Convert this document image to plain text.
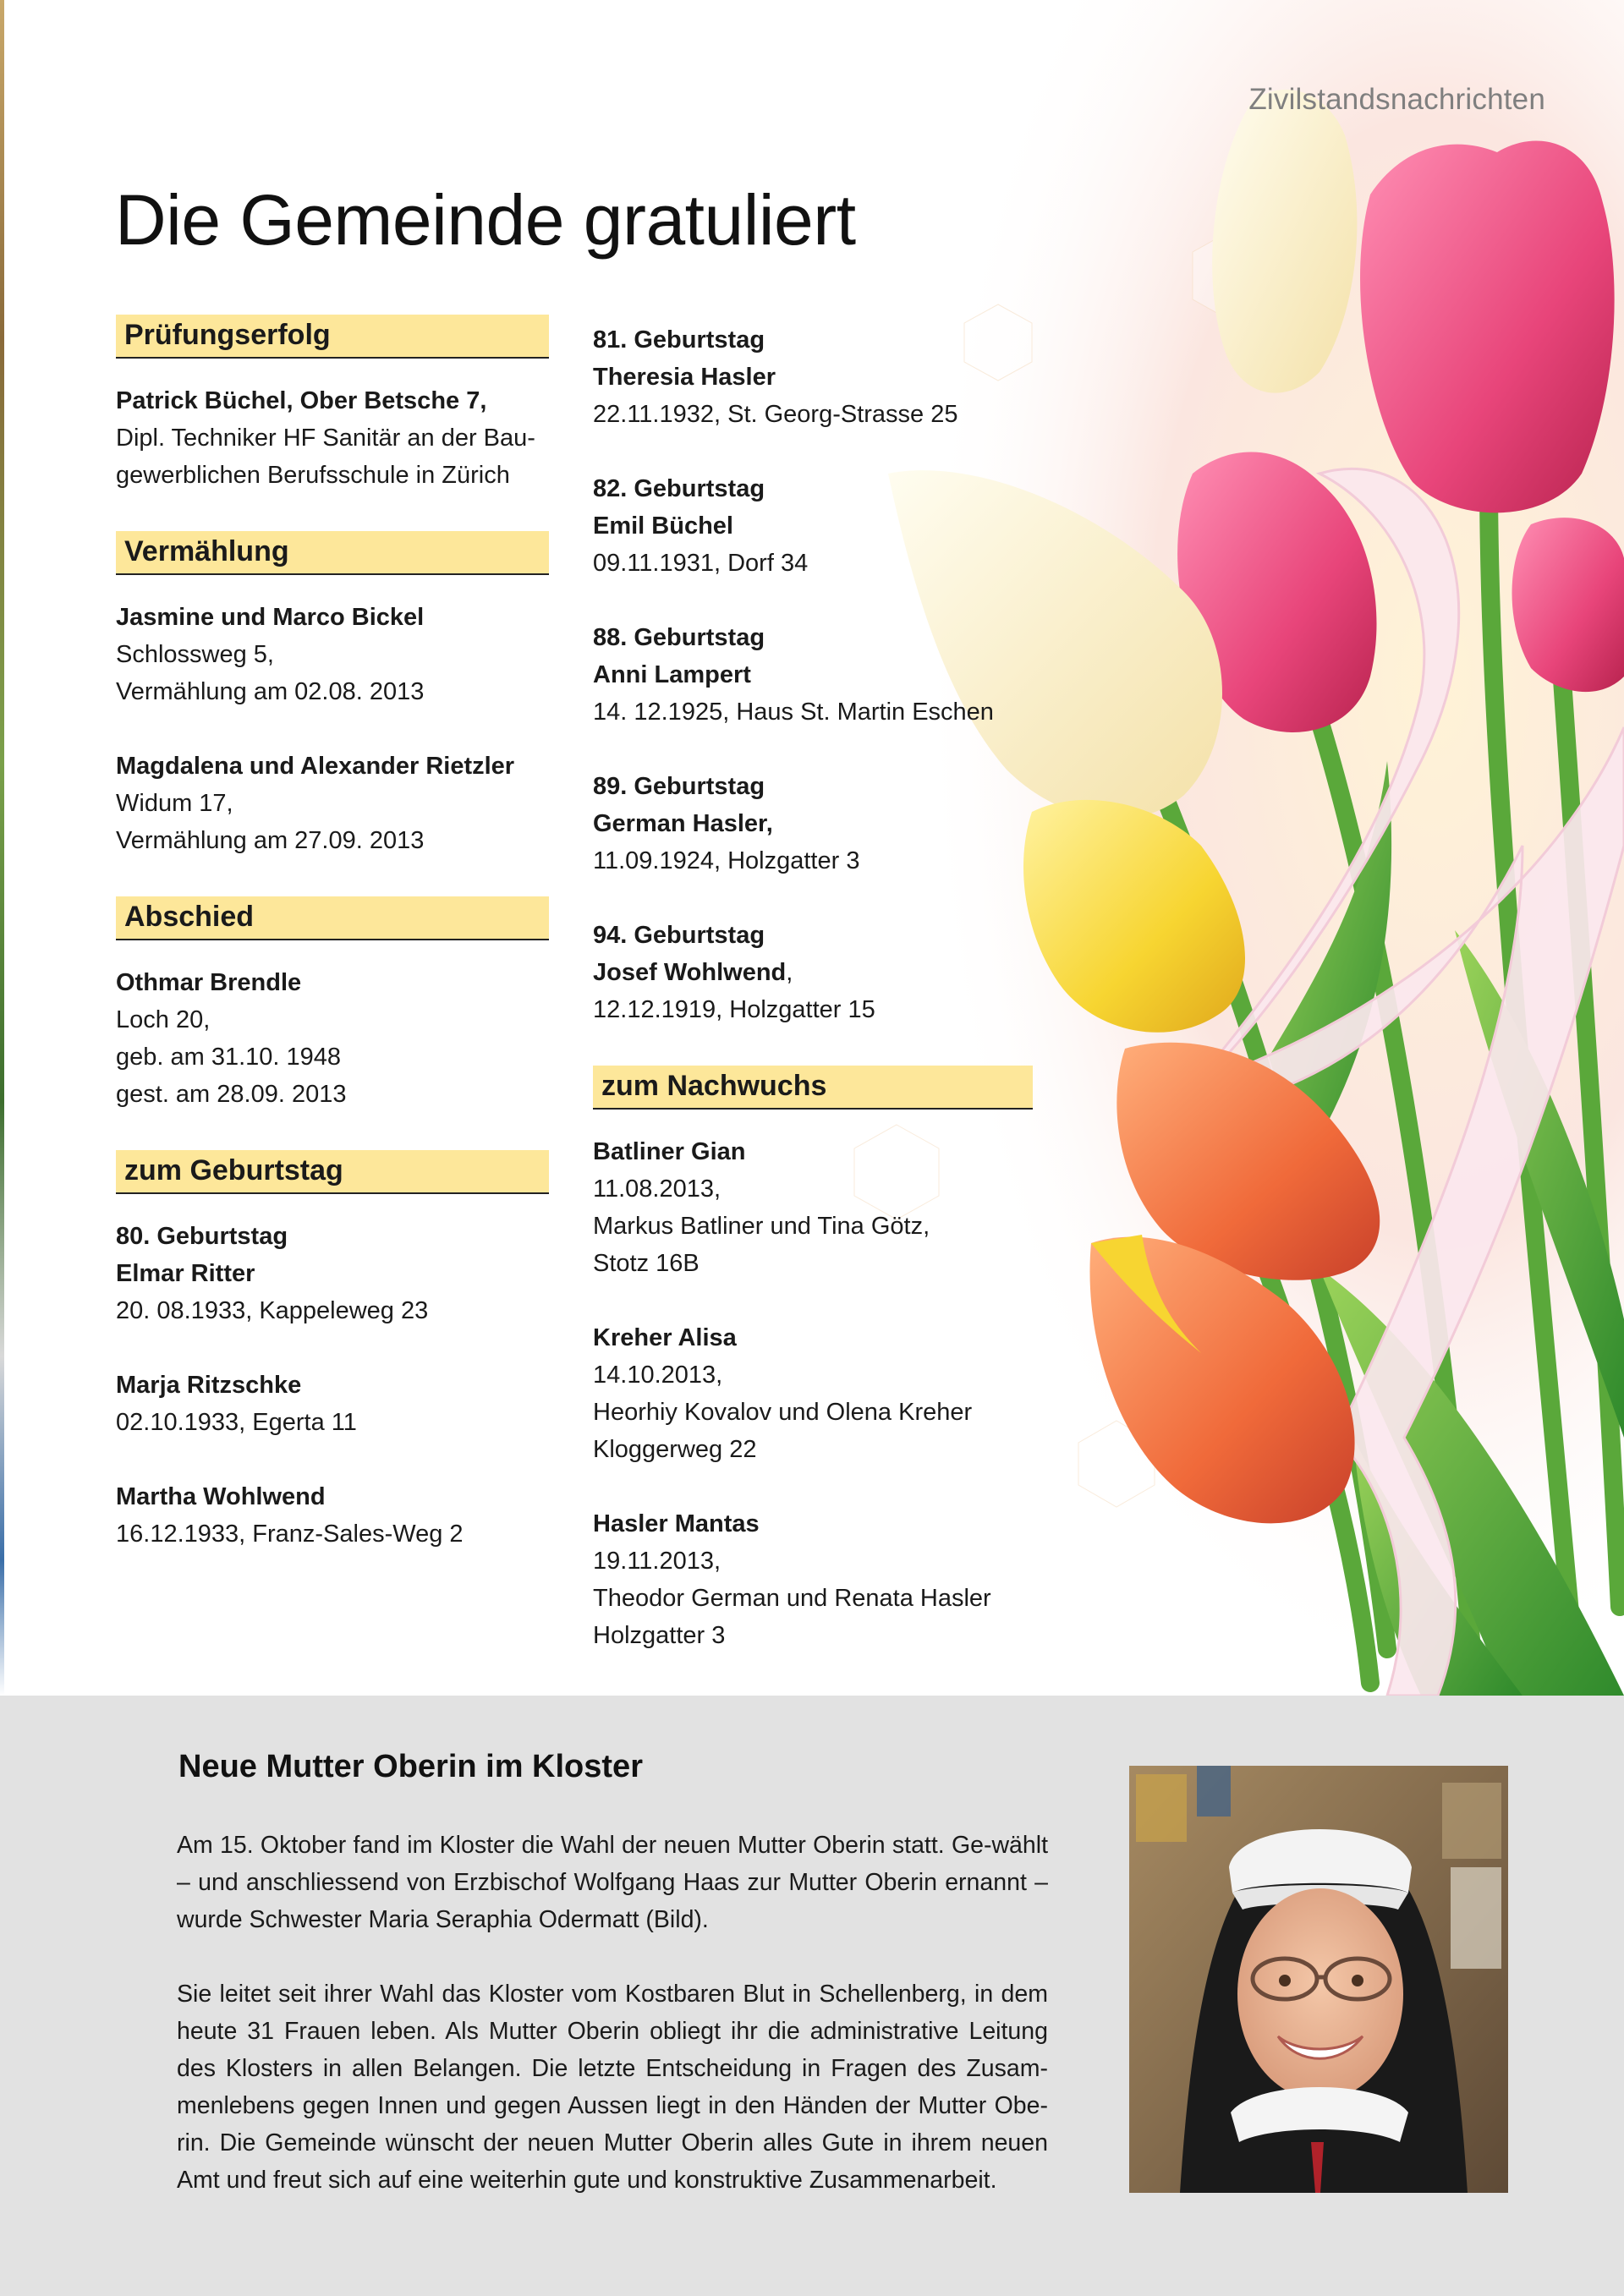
Zivilstandsnachrichten
Die Gemeinde gratuliert
Prüfungserfolg
Patrick Büchel, Ober Betsche 7,
Dipl. Techniker HF Sanitär an der Bau-
gewerblichen Berufsschule in Zürich
Vermählung
Jasmine und Marco Bickel
Schlossweg 5,
Vermählung am 02.08. 2013
Magdalena und Alexander Rietzler
Widum 17,
Vermählung am 27.09. 2013
Abschied
Othmar Brendle
Loch 20,
geb. am 31.10. 1948
gest. am 28.09. 2013
zum Geburtstag
80. Geburtstag
Elmar Ritter
20. 08.1933, Kappeleweg 23
Marja Ritzschke
02.10.1933, Egerta 11
Martha Wohlwend
16.12.1933, Franz-Sales-Weg 2
81. Geburtstag
Theresia Hasler
22.11.1932, St. Georg-Strasse 25
82. Geburtstag
Emil Büchel
09.11.1931, Dorf 34
88. Geburtstag
Anni Lampert
14. 12.1925, Haus St. Martin Eschen
89. Geburtstag
German Hasler,
11.09.1924, Holzgatter 3
94. Geburtstag
Josef Wohlwend,
12.12.1919, Holzgatter 15
zum Nachwuchs
Batliner Gian
11.08.2013,
Markus Batliner und Tina Götz,
Stotz 16B
Kreher Alisa
14.10.2013,
Heorhiy Kovalov und Olena Kreher
Kloggerweg 22
Hasler Mantas
19.11.2013,
Theodor German und Renata Hasler
Holzgatter 3
Neue Mutter Oberin im Kloster

Am 15. Oktober fand im Kloster die Wahl der neuen Mutter Oberin statt. Ge-wählt – und anschliessend von Erzbischof Wolfgang Haas zur Mutter Oberin ernannt – wurde Schwester Maria Seraphia Odermatt (Bild).

Sie leitet seit ihrer Wahl das Kloster vom Kostbaren Blut in Schellenberg, in dem heute 31 Frauen leben. Als Mutter Oberin obliegt ihr die administrative Leitung des Klosters in allen Belangen. Die letzte Entscheidung in Fragen des Zusam-menlebens gegen Innen und gegen Aussen liegt in den Händen der Mutter Obe-rin. Die Gemeinde wünscht der neuen Mutter Oberin alles Gute in ihrem neuen Amt und freut sich auf eine weiterhin gute und konstruktive Zusammenarbeit.
